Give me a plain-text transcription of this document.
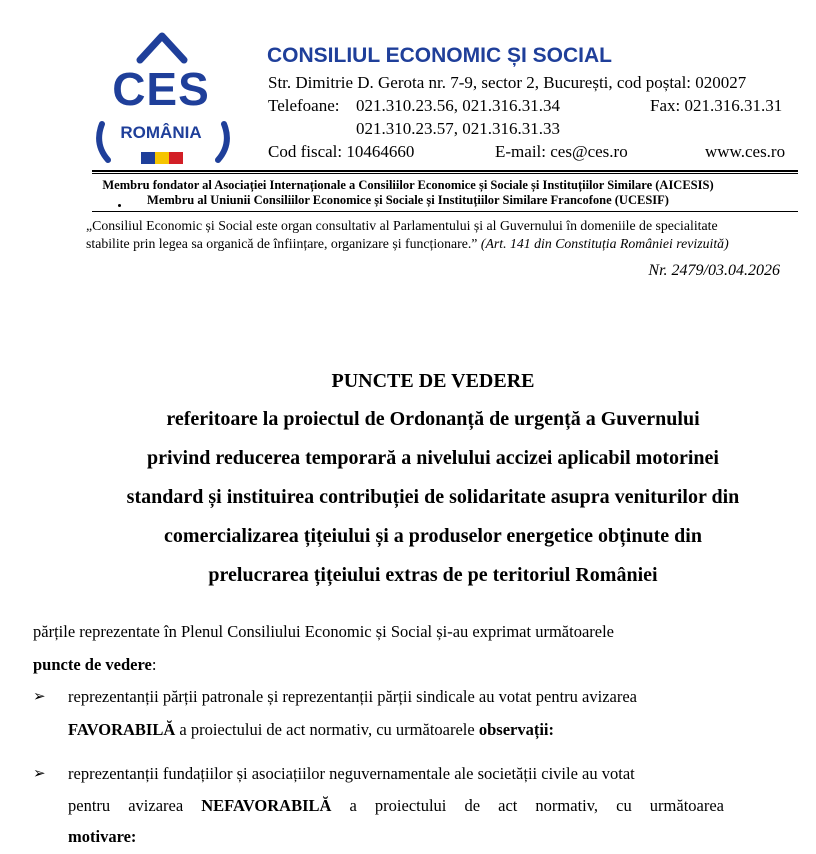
CES
ROMÂNIA
CONSILIUL ECONOMIC ȘI SOCIAL
Str. Dimitrie D. Gerota nr. 7-9, sector 2, București, cod poștal: 020027
Telefoane: 021.310.23.56, 021.316.31.34	Fax: 021.316.31.31
021.310.23.57, 021.316.31.33
Cod fiscal: 10464660	E-mail: ces@ces.ro	www.ces.ro
Membru fondator al Asociației Internaționale a Consiliilor Economice și Sociale și Instituțiilor Similare (AICESIS)
Membru al Uniunii Consiliilor Economice și Sociale și Instituțiilor Similare Francofone (UCESIF)
„Consiliul Economic și Social este organ consultativ al Parlamentului și al Guvernului în domeniile de specialitate
stabilite prin legea sa organică de înființare, organizare și funcționare.” (Art. 141 din Constituția României revizuită)
Nr. 2479/03.04.2026
PUNCTE DE VEDERE
referitoare la proiectul de Ordonanță de urgență a Guvernului
privind reducerea temporară a nivelului accizei aplicabil motorinei
standard și instituirea contribuției de solidaritate asupra veniturilor din
comercializarea țițeiului și a produselor energetice obținute din
prelucrarea țițeiului extras de pe teritoriul României
părțile reprezentate în Plenul Consiliului Economic și Social și-au exprimat următoarele
puncte de vedere:
➢ reprezentanții părții patronale și reprezentanții părții sindicale au votat pentru avizarea
FAVORABILĂ a proiectului de act normativ, cu următoarele observații:
➢ reprezentanții fundațiilor și asociațiilor neguvernamentale ale societății civile au votat
pentru avizarea NEFAVORABILĂ a proiectului de act normativ, cu următoarea
motivare:
